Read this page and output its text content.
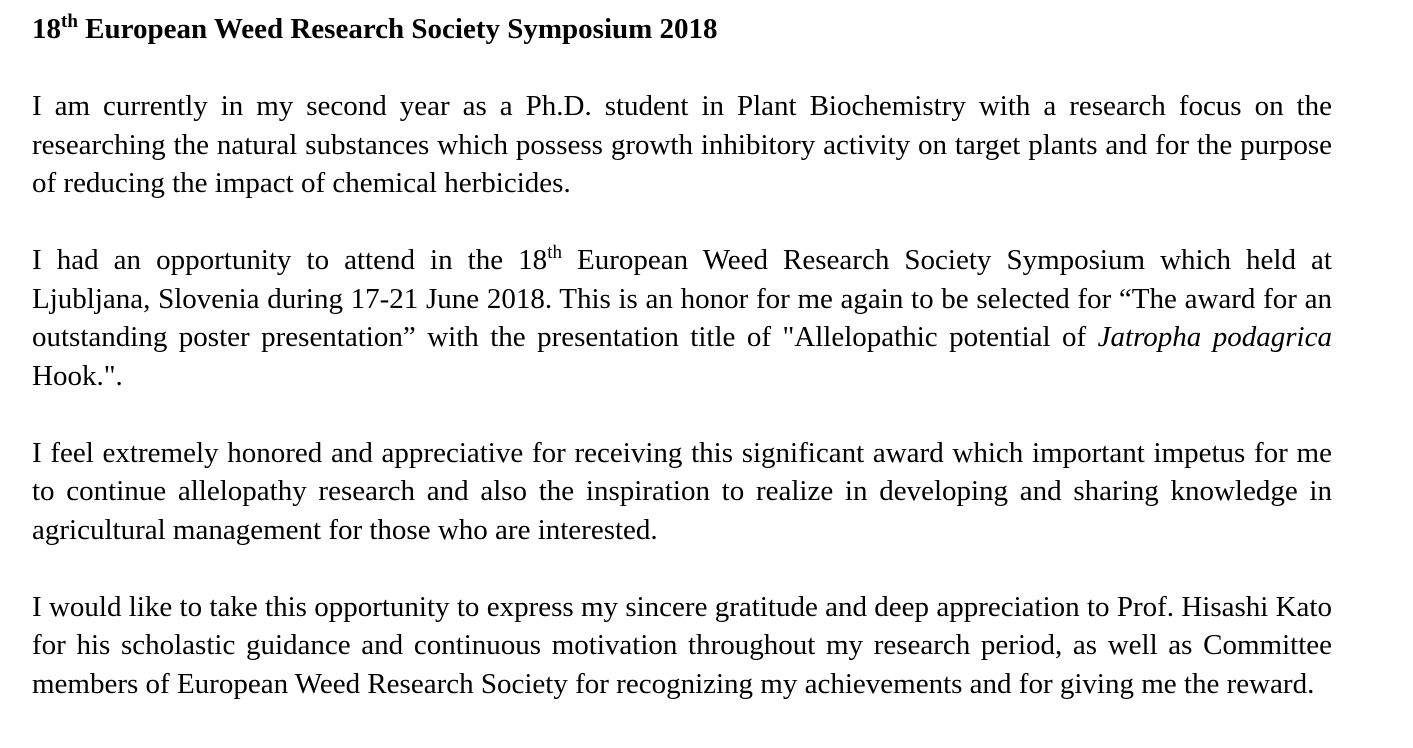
18th European Weed Research Society Symposium 2018

I am currently in my second year as a Ph.D. student in Plant Biochemistry with a research focus on the researching the natural substances which possess growth inhibitory activity on target plants and for the purpose of reducing the impact of chemical herbicides.

I had an opportunity to attend in the 18th European Weed Research Society Symposium which held at Ljubljana, Slovenia during 17-21 June 2018. This is an honor for me again to be selected for “The award for an outstanding poster presentation” with the presentation title of "Allelopathic potential of Jatropha podagrica Hook.".

I feel extremely honored and appreciative for receiving this significant award which important impetus for me to continue allelopathy research and also the inspiration to realize in developing and sharing knowledge in agricultural management for those who are interested.

I would like to take this opportunity to express my sincere gratitude and deep appreciation to Prof. Hisashi Kato for his scholastic guidance and continuous motivation throughout my research period, as well as Committee members of European Weed Research Society for recognizing my achievements and for giving me the reward.
